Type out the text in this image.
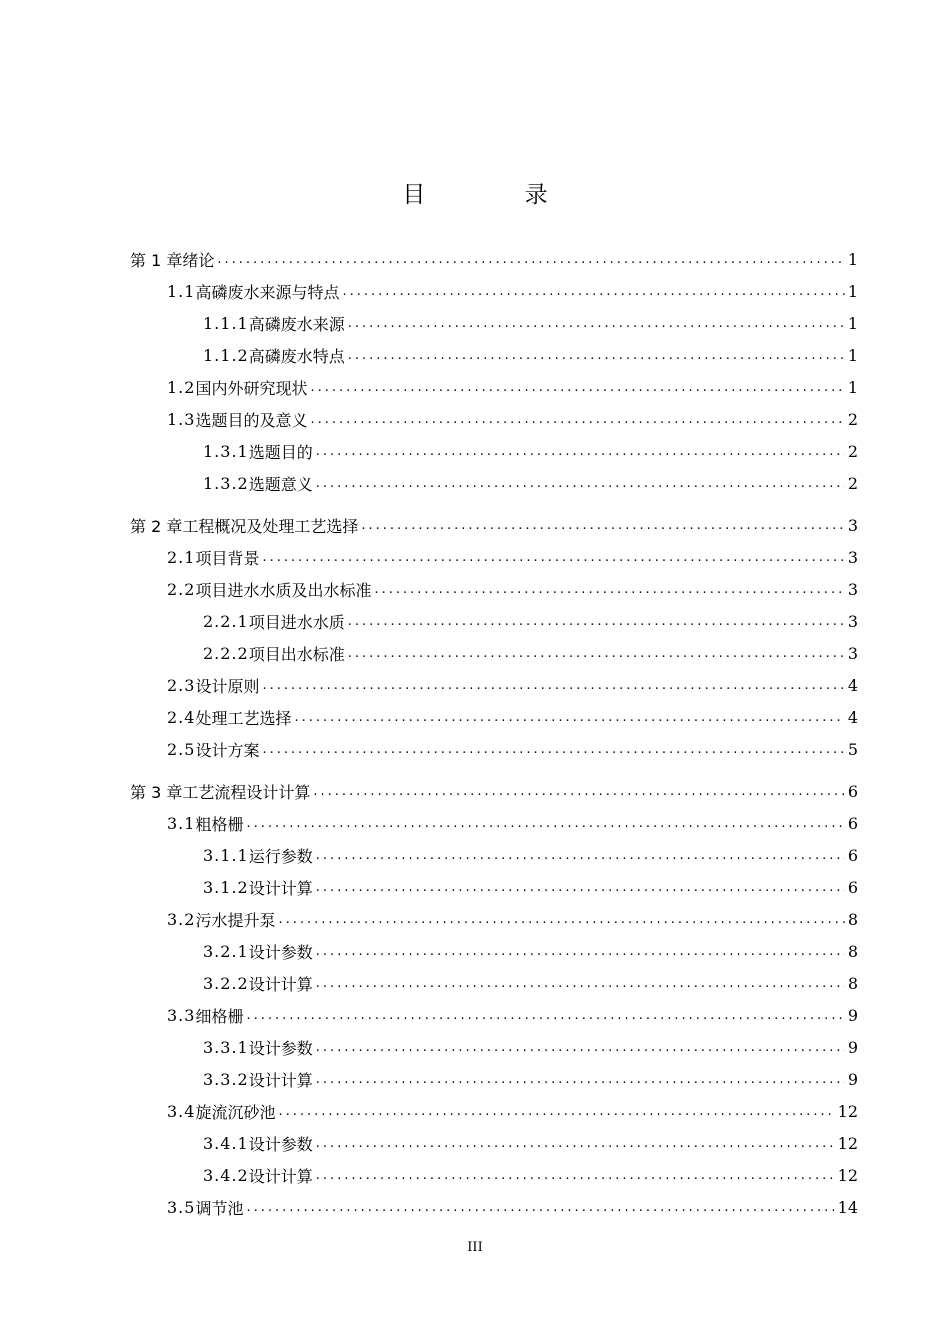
目 录
第 1 章 绪论 .....	1
1.1 高磷废水来源与特点 .....	1
1.1.1 高磷废水来源 .....	1
1.1.2 高磷废水特点 .....	1
1.2 国内外研究现状 .....	1
1.3 选题目的及意义 .....	2
1.3.1 选题目的 .....	2
1.3.2 选题意义 .....	2
第 2 章 工程概况及处理工艺选择 .....	3
2.1 项目背景 .....	3
2.2 项目进水水质及出水标准 .....	3
2.2.1 项目进水水质 .....	3
2.2.2 项目出水标准 .....	3
2.3 设计原则 .....	4
2.4 处理工艺选择 .....	4
2.5 设计方案 .....	5
第 3 章 工艺流程设计计算 .....	6
3.1 粗格栅 .....	6
3.1.1 运行参数 .....	6
3.1.2 设计计算 .....	6
3.2 污水提升泵 .....	8
3.2.1 设计参数 .....	8
3.2.2 设计计算 .....	8
3.3 细格栅 .....	9
3.3.1 设计参数 .....	9
3.3.2 设计计算 .....	9
3.4 旋流沉砂池 .....	12
3.4.1 设计参数 .....	12
3.4.2 设计计算 .....	12
3.5 调节池 .....	14
III
